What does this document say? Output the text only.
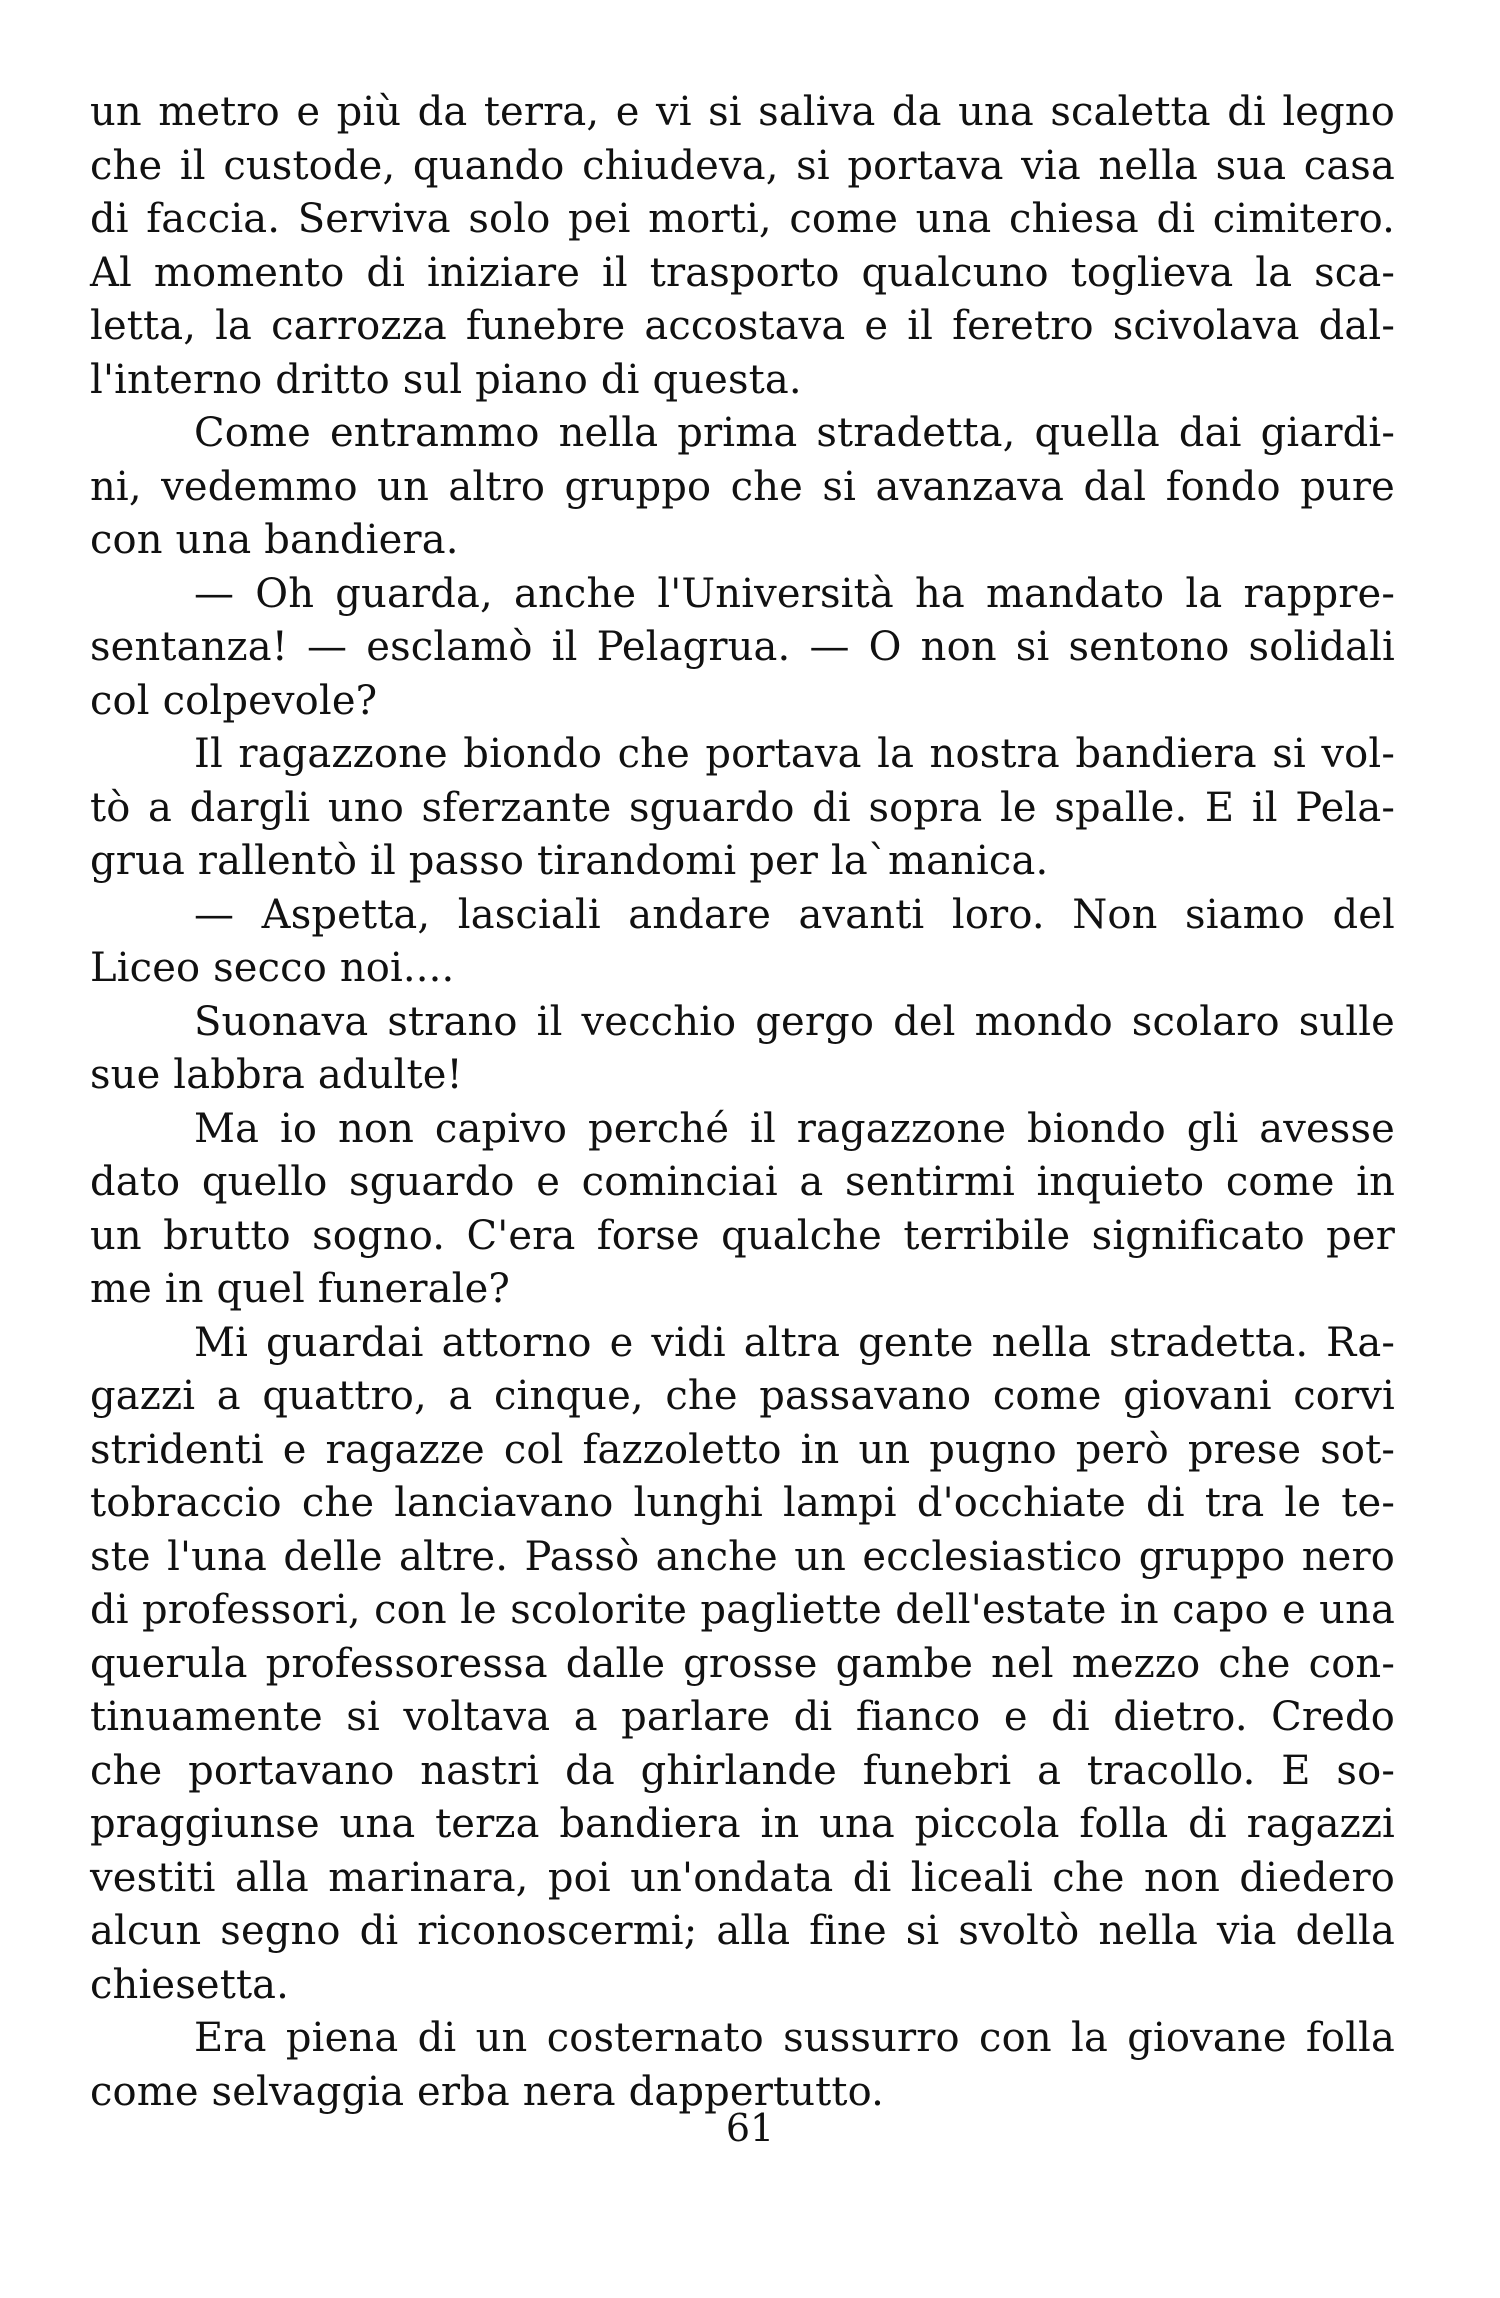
un metro e più da terra, e vi si saliva da una scaletta di legno
che il custode, quando chiudeva, si portava via nella sua casa
di faccia. Serviva solo pei morti, come una chiesa di cimitero.
Al momento di iniziare il trasporto qualcuno toglieva la sca-
letta, la carrozza funebre accostava e il feretro scivolava dal-
l'interno dritto sul piano di questa.
Come entrammo nella prima stradetta, quella dai giardi-
ni, vedemmo un altro gruppo che si avanzava dal fondo pure
con una bandiera.
— Oh guarda, anche l'Università ha mandato la rappre-
sentanza! — esclamò il Pelagrua. — O non si sentono solidali
col colpevole?
Il ragazzone biondo che portava la nostra bandiera si vol-
tò a dargli uno sferzante sguardo di sopra le spalle. E il Pela-
grua rallentò il passo tirandomi per la`manica.
— Aspetta, lasciali andare avanti loro. Non siamo del
Liceo secco noi....
Suonava strano il vecchio gergo del mondo scolaro sulle
sue labbra adulte!
Ma io non capivo perché il ragazzone biondo gli avesse
dato quello sguardo e cominciai a sentirmi inquieto come in
un brutto sogno. C'era forse qualche terribile significato per
me in quel funerale?
Mi guardai attorno e vidi altra gente nella stradetta. Ra-
gazzi a quattro, a cinque, che passavano come giovani corvi
stridenti e ragazze col fazzoletto in un pugno però prese sot-
tobraccio che lanciavano lunghi lampi d'occhiate di tra le te-
ste l'una delle altre. Passò anche un ecclesiastico gruppo nero
di professori, con le scolorite pagliette dell'estate in capo e una
querula professoressa dalle grosse gambe nel mezzo che con-
tinuamente si voltava a parlare di fianco e di dietro. Credo
che portavano nastri da ghirlande funebri a tracollo. E so-
praggiunse una terza bandiera in una piccola folla di ragazzi
vestiti alla marinara, poi un'ondata di liceali che non diedero
alcun segno di riconoscermi; alla fine si svoltò nella via della
chiesetta.
Era piena di un costernato sussurro con la giovane folla
come selvaggia erba nera dappertutto.
61
